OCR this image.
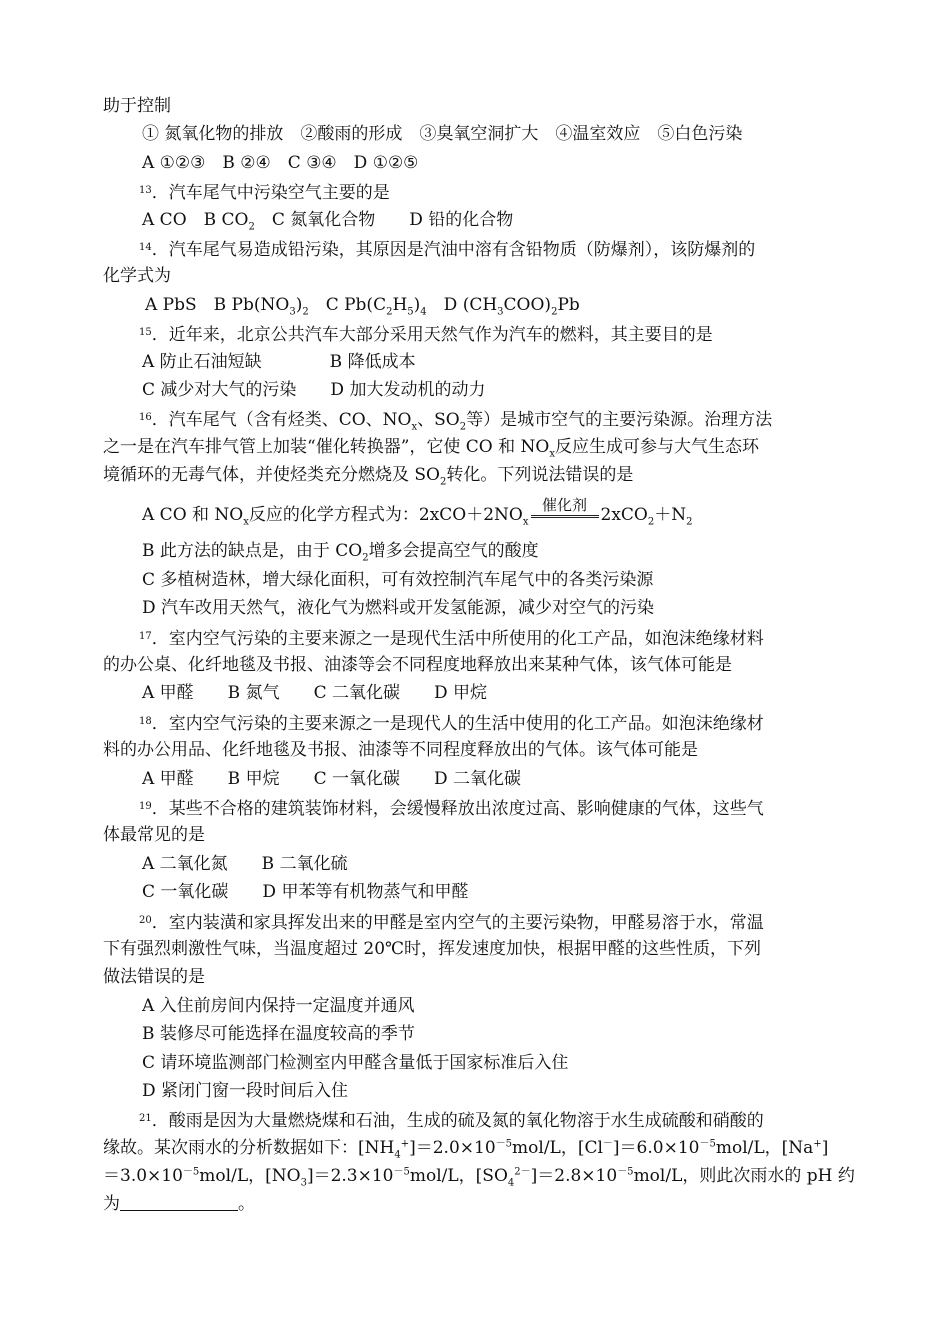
助于控制
① 氮氧化物的排放　②酸雨的形成　③臭氧空洞扩大　④温室效应　⑤白色污染
A ①②③　B ②④　C ③④　D ①②⑤
$^{13}$．汽车尾气中污染空气主要的是
A CO　B $CO_2$　C 氮氧化合物　　D 铅的化合物
$^{14}$．汽车尾气易造成铅污染，其原因是汽油中溶有含铅物质（防爆剂），该防爆剂的
化学式为
A PbS　B $Pb(NO_3)_2$　C $Pb(C_2H_5)_4$　D $(CH_3COO)_2Pb$
$^{15}$．近年来，北京公共汽车大部分采用天然气作为汽车的燃料，其主要目的是
A 防止石油短缺　　　　B 降低成本
C 减少对大气的污染　　D 加大发动机的动力
$^{16}$．汽车尾气（含有烃类、CO、$NO_x$、$SO_2$等）是城市空气的主要污染源。治理方法
之一是在汽车排气管上加装“催化转换器”，它使 CO 和 $NO_x$反应生成可参与大气生态环
境循环的无毒气体，并使烃类充分燃烧及 $SO_2$转化。下列说法错误的是
A CO 和 $NO_x$反应的化学方程式为：$2xCO+2NO_x$催化剂 $2xCO_2+N_2$
B 此方法的缺点是，由于 $CO_2$增多会提高空气的酸度
C 多植树造林，增大绿化面积，可有效控制汽车尾气中的各类污染源
D 汽车改用天然气，液化气为燃料或开发氢能源，减少对空气的污染
$^{17}$．室内空气污染的主要来源之一是现代生活中所使用的化工产品，如泡沫绝缘材料
的办公桌、化纤地毯及书报、油漆等会不同程度地释放出来某种气体，该气体可能是
A 甲醛　　B 氮气　　C 二氧化碳　　D 甲烷
$^{18}$．室内空气污染的主要来源之一是现代人的生活中使用的化工产品。如泡沫绝缘材
料的办公用品、化纤地毯及书报、油漆等不同程度释放出的气体。该气体可能是
A 甲醛　　B 甲烷　　C 一氧化碳　　D 二氧化碳
$^{19}$．某些不合格的建筑装饰材料，会缓慢释放出浓度过高、影响健康的气体，这些气
体最常见的是
A 二氧化氮　　B 二氧化硫
C 一氧化碳　　D 甲苯等有机物蒸气和甲醛
$^{20}$．室内装潢和家具挥发出来的甲醛是室内空气的主要污染物，甲醛易溶于水，常温
下有强烈刺激性气味，当温度超过 20℃时，挥发速度加快，根据甲醛的这些性质，下列
做法错误的是
A 入住前房间内保持一定温度并通风
B 装修尽可能选择在温度较高的季节
C 请环境监测部门检测室内甲醛含量低于国家标准后入住
D 紧闭门窗一段时间后入住
$^{21}$．酸雨是因为大量燃烧煤和石油，生成的硫及氮的氧化物溶于水生成硫酸和硝酸的
缘故。某次雨水的分析数据如下：$[NH_4^+]=2.0\times 10^{-5}mol/L$，$[Cl^-]=6.0\times 10^{-5}mol/L$，[Na+]
$=3.0\times 10^{-5}mol/L$，$[NO_3]=2.3\times 10^{-5}mol/L$，$[SO_4^{2-}]=2.8\times 10^{-5}mol/L$，则此次雨水的 pH 约
为	。
